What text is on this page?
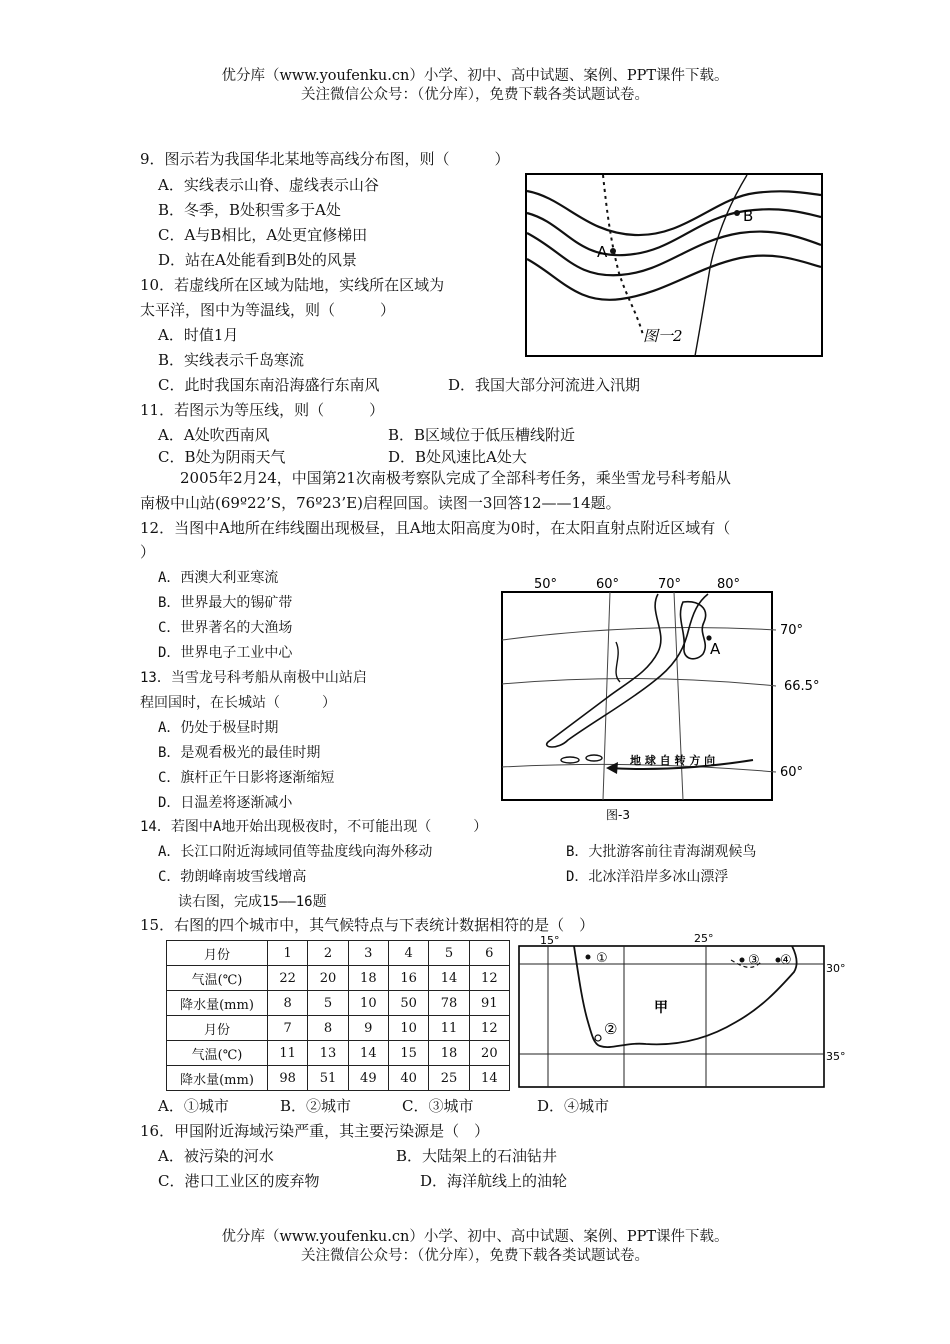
优分库（www.youfenku.cn）小学、初中、高中试题、案例、PPT课件下载。
关注微信公众号：（优分库），免费下载各类试题试卷。
9．图示若为我国华北某地等高线分布图，则（　　　）
A．实线表示山脊、虚线表示山谷
B．冬季，B处积雪多于A处
C．A与B相比，A处更宜修梯田
D．站在A处能看到B处的风景
10．若虚线所在区域为陆地，实线所在区域为
太平洋，图中为等温线，则（　　　）
A．时值1月
B．实线表示千岛寒流
C．此时我国东南沿海盛行东南风	D．我国大部分河流进入汛期
11．若图示为等压线，则（　　　）
A．A处吹西南风	B．B区域位于低压槽线附近
C．B处为阴雨天气	D．B处风速比A处大
2005年2月24，中国第21次南极考察队完成了全部科考任务，乘坐雪龙号科考船从
南极中山站(69º22’S，76º23’E)启程回国。读图一3回答12——14题。
12．当图中A地所在纬线圈出现极昼，且A地太阳高度为0时，在太阳直射点附近区域有（
）
A．西澳大利亚寒流
B．世界最大的锡矿带
C．世界著名的大渔场
D．世界电子工业中心
13．当雪龙号科考船从南极中山站启
程回国时，在长城站（　　　）
A．仍处于极昼时期
B．是观看极光的最佳时期
C．旗杆正午日影将逐渐缩短
D．日温差将逐渐减小
14．若图中A地开始出现极夜时，不可能出现（　　　）
A．长江口附近海域同值等盐度线向海外移动	B．大批游客前往青海湖观候鸟
C．勃朗峰南坡雪线增高	D．北冰洋沿岸多冰山漂浮
读右图，完成15——16题
15．右图的四个城市中，其气候特点与下表统计数据相符的是（　）
月份	1	2	3	4	5	6
气温(℃)	22	20	18	16	14	12
降水量(mm)	8	5	10	50	78	91
月份	7	8	9	10	11	12
气温(℃)	11	13	14	15	18	20
降水量(mm)	98	51	49	40	25	14
A．①城市	B．②城市	C．③城市	D．④城市
16．甲国附近海域污染严重，其主要污染源是（　）
A．被污染的河水	B．大陆架上的石油钻井
C．港口工业区的废弃物	D．海洋航线上的油轮
优分库（www.youfenku.cn）小学、初中、高中试题、案例、PPT课件下载。
关注微信公众号：（优分库），免费下载各类试题试卷。
A
B
图一2
50°	60°	70°	80°
70°
66.5°
60°
A
地 球 自 转 方 向
图-3
15°	25°
30°
35°
①
②
③ ④
甲
